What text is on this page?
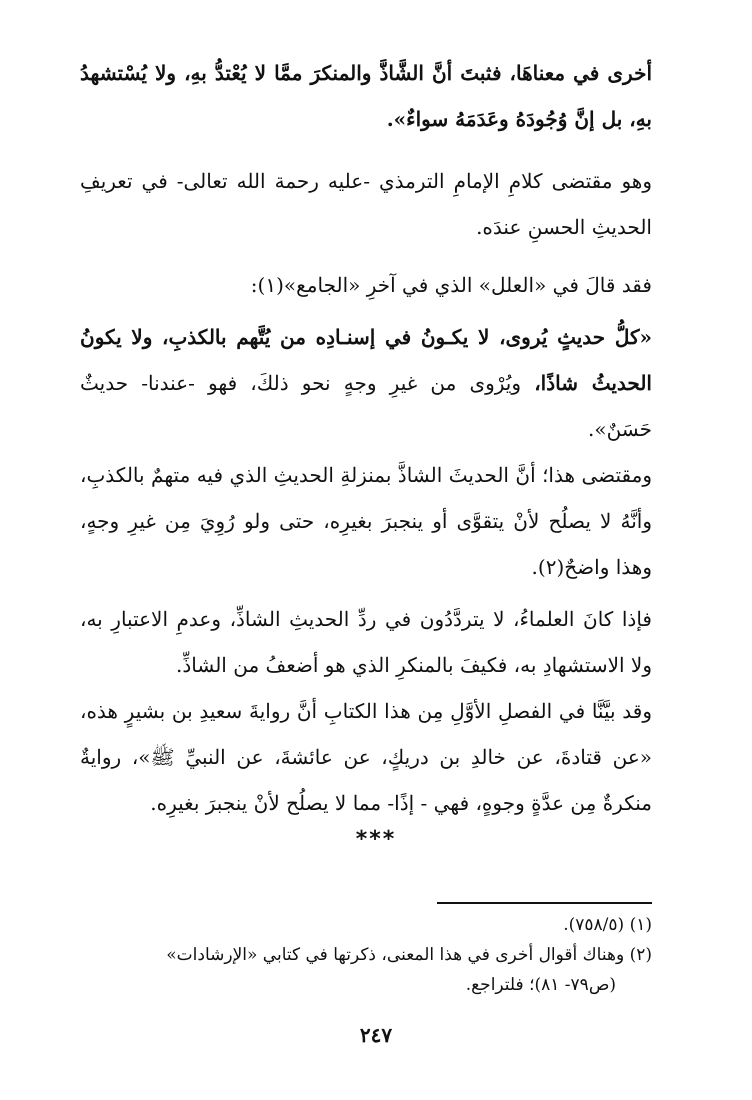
أخرى في معناهَا، فثبتَ أنَّ الشَّاذَّ والمنكرَ ممَّا لا يُعْتدُّ بهِ، ولا يُسْتشهدُ بهِ، بل إنَّ وُجُودَهُ وعَدَمَهُ سواءٌ».
وهو مقتضى كلامِ الإمامِ الترمذي -عليه رحمة الله تعالى- في تعريفِ الحديثِ الحسنِ عندَه.
فقد قالَ في «العلل» الذي في آخرِ «الجامع»(١):
«كلُّ حديثٍ يُروى، لا يكـونُ في إسنـادِه من يُتَّهم بالكذبِ، ولا يكونُ الحديثُ شاذًا، ويُرْوى من غيرِ وجهٍ نحو ذلكَ، فهو -عندنا- حديثٌ حَسَنٌ».
ومقتضى هذا؛ أنَّ الحديثَ الشاذَّ بمنزلةِ الحديثِ الذي فيه متهمٌ بالكذبِ، وأنَّهُ لا يصلُح لأنْ يتقوَّى أو ينجبرَ بغيرِه، حتى ولو رُوِيَ مِن غيرِ وجهٍ، وهذا واضحٌ(٢).
فإذا كانَ العلماءُ، لا يتردَّدُون في ردِّ الحديثِ الشاذِّ، وعدمِ الاعتبارِ به، ولا الاستشهادِ به، فكيفَ بالمنكرِ الذي هو أضعفُ من الشاذِّ.
وقد بيَّنَّا في الفصلِ الأوَّلِ مِن هذا الكتابِ أنَّ روايةَ سعيدِ بن بشيرٍ هذه، «عن قتادةَ، عن خالدِ بن دريكٍ، عن عائشةَ، عن النبيِّ ﷺ»، روايةٌ منكرةٌ مِن عدَّةٍ وجوهٍ، فهي - إذًا- مما لا يصلُح لأنْ ينجبرَ بغيرِه.
***
(١) (٧٥٨/٥).
(٢) وهناك أقوال أخرى في هذا المعنى، ذكرتها في كتابي «الإرشادات»
(ص٧٩- ٨١)؛ فلتراجع.
٢٤٧
